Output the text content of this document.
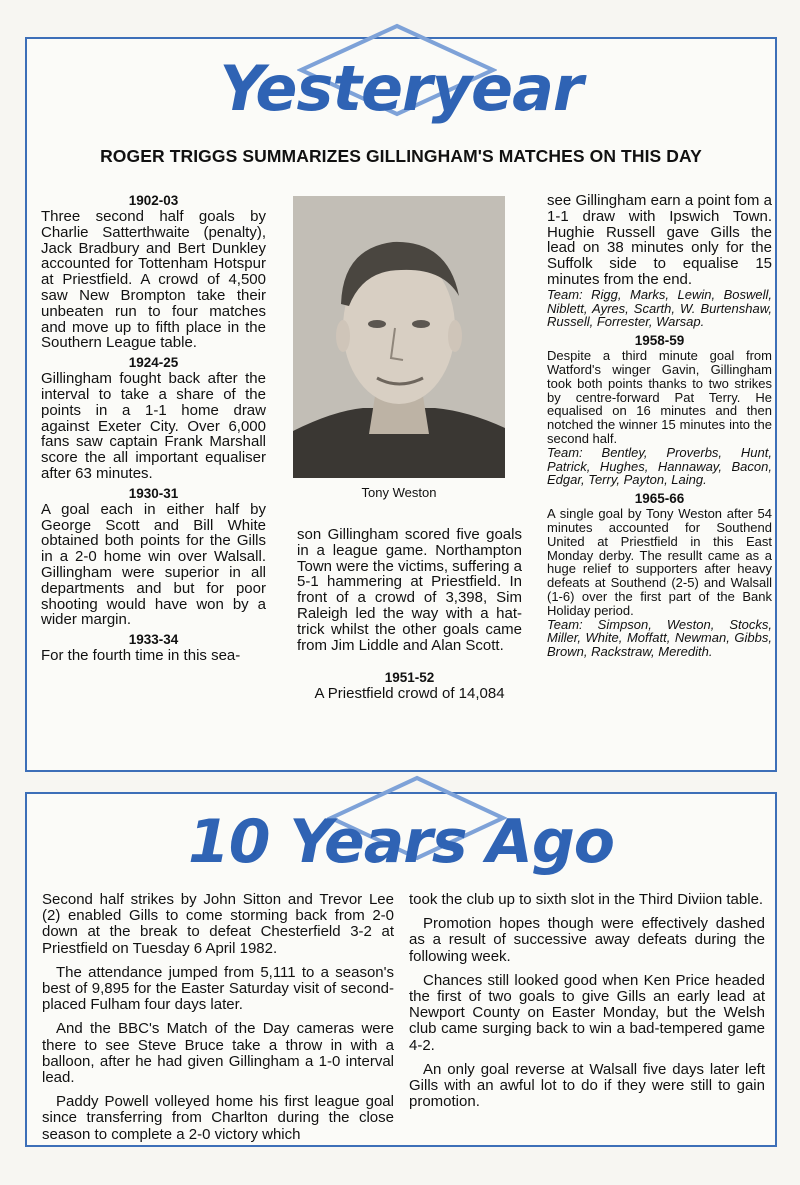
Yesteryear
ROGER TRIGGS SUMMARIZES GILLINGHAM'S MATCHES ON THIS DAY
1902-03

Three second half goals by Charlie Satterthwaite (penalty), Jack Bradbury and Bert Dunkley accounted for Tottenham Hotspur at Priestfield. A crowd of 4,500 saw New Brompton take their unbeaten run to four matches and move up to fifth place in the Southern League table.

1924-25

Gillingham fought back after the interval to take a share of the points in a 1-1 home draw against Exeter City. Over 6,000 fans saw captain Frank Marshall score the all important equaliser after 63 minutes.

1930-31

A goal each in either half by George Scott and Bill White obtained both points for the Gills in a 2-0 home win over Walsall. Gillingham were superior in all departments and but for poor shooting would have won by a wider margin.

1933-34

For the fourth time in this sea-

Tony Weston

son Gillingham scored five goals in a league game. Northampton Town were the victims, suffering a 5-1 hammering at Priestfield. In front of a crowd of 3,398, Sim Raleigh led the way with a hat-trick whilst the other goals came from Jim Liddle and Alan Scott.

1951-52

A Priestfield crowd of 14,084

see Gillingham earn a point fom a 1-1 draw with Ipswich Town. Hughie Russell gave Gills the lead on 38 minutes only for the Suffolk side to equalise 15 minutes from the end.

Team: Rigg, Marks, Lewin, Boswell, Niblett, Ayres, Scarth, W. Burtenshaw, Russell, Forrester, Warsap.

1958-59

Despite a third minute goal from Watford's winger Gavin, Gillingham took both points thanks to two strikes by centre-forward Pat Terry. He equalised on 16 minutes and then notched the winner 15 minutes into the second half.

Team: Bentley, Proverbs, Hunt, Patrick, Hughes, Hannaway, Bacon, Edgar, Terry, Payton, Laing.

1965-66

A single goal by Tony Weston after 54 minutes accounted for Southend United at Priestfield in this East Monday derby. The resullt came as a huge relief to supporters after heavy defeats at Southend (2-5) and Walsall (1-6) over the first part of the Bank Holiday period.

Team: Simpson, Weston, Stocks, Miller, White, Moffatt, Newman, Gibbs, Brown, Rackstraw, Meredith.

10 Years Ago

Second half strikes by John Sitton and Trevor Lee (2) enabled Gills to come storming back from 2-0 down at the break to defeat Chesterfield 3-2 at Priestfield on Tuesday 6 April 1982.

The attendance jumped from 5,111 to a season's best of 9,895 for the Easter Saturday visit of second-placed Fulham four days later.

And the BBC's Match of the Day cameras were there to see Steve Bruce take a throw in with a balloon, after he had given Gillingham a 1-0 interval lead.

Paddy Powell volleyed home his first league goal since transferring from Charlton during the close season to complete a 2-0 victory which

took the club up to sixth slot in the Third Diviion table.

Promotion hopes though were effectively dashed as a result of successive away defeats during the following week.

Chances still looked good when Ken Price headed the first of two goals to give Gills an early lead at Newport County on Easter Monday, but the Welsh club came surging back to win a bad-tempered game 4-2.

An only goal reverse at Walsall five days later left Gills with an awful lot to do if they were still to gain promotion.
